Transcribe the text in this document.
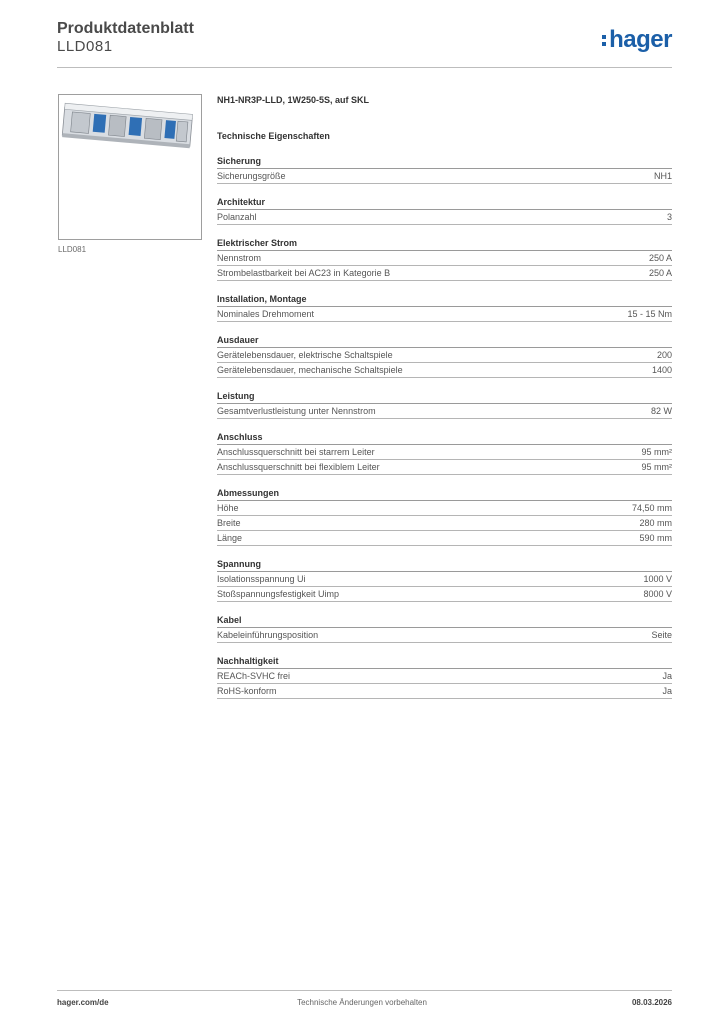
Produktdatenblatt
LLD081	hager
LLD081
NH1-NR3P-LLD, 1W250-5S, auf SKL
Technische Eigenschaften
Sicherung
Sicherungsgröße	NH1
Architektur
Polanzahl	3
Elektrischer Strom
Nennstrom	250 A
Strombelastbarkeit bei AC23 in Kategorie B	250 A
Installation, Montage
Nominales Drehmoment	15 - 15 Nm
Ausdauer
Gerätelebensdauer, elektrische Schaltspiele	200
Gerätelebensdauer, mechanische Schaltspiele	1400
Leistung
Gesamtverlustleistung unter Nennstrom	82 W
Anschluss
Anschlussquerschnitt bei starrem Leiter	95 mm²
Anschlussquerschnitt bei flexiblem Leiter	95 mm²
Abmessungen
Höhe	74,50 mm
Breite	280 mm
Länge	590 mm
Spannung
Isolationsspannung Ui	1000 V
Stoßspannungsfestigkeit Uimp	8000 V
Kabel
Kabeleinführungsposition	Seite
Nachhaltigkeit
REACh-SVHC frei	Ja
RoHS-konform	Ja
hager.com/de	Technische Änderungen vorbehalten	08.03.2026
